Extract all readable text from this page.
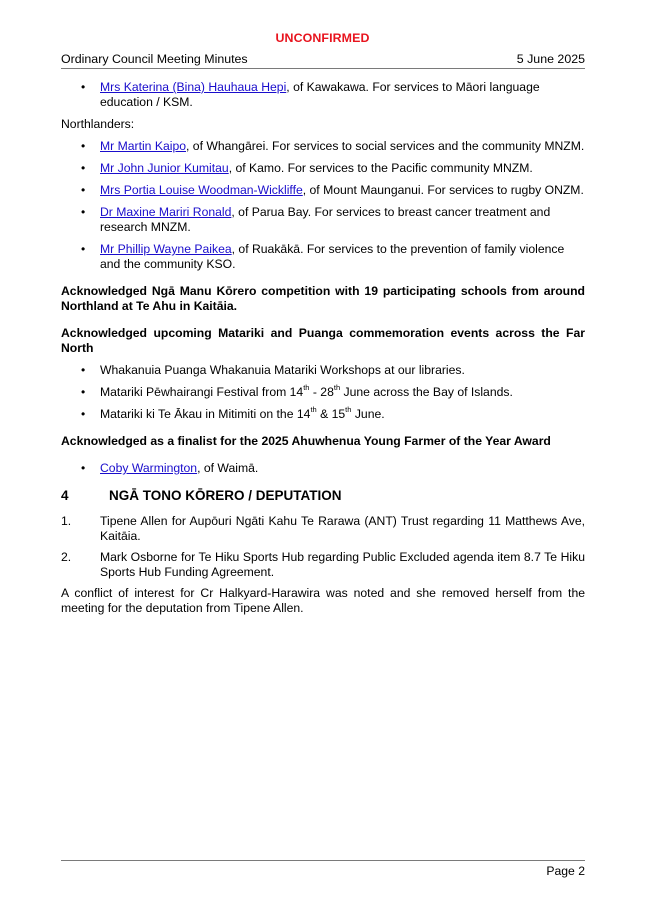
UNCONFIRMED
Ordinary Council Meeting Minutes	5 June 2025
• Mrs Katerina (Bina) Hauhaua Hepi, of Kawakawa. For services to Māori language education / KSM.

Northlanders:

• Mr Martin Kaipo, of Whangārei. For services to social services and the community MNZM.
• Mr John Junior Kumitau, of Kamo. For services to the Pacific community MNZM.
• Mrs Portia Louise Woodman-Wickliffe, of Mount Maunganui. For services to rugby ONZM.
• Dr Maxine Mariri Ronald, of Parua Bay. For services to breast cancer treatment and research MNZM.
• Mr Phillip Wayne Paikea, of Ruakākā. For services to the prevention of family violence and the community KSO.

Acknowledged Ngā Manu Kōrero competition with 19 participating schools from around Northland at Te Ahu in Kaitāia.

Acknowledged upcoming Matariki and Puanga commemoration events across the Far North

• Whakanuia Puanga Whakanuia Matariki Workshops at our libraries.
• Matariki Pēwhairangi Festival from 14th - 28th June across the Bay of Islands.
• Matariki ki Te Ākau in Mitimiti on the 14th & 15th June.

Acknowledged as a finalist for the 2025 Ahuwhenua Young Farmer of the Year Award

• Coby Warmington, of Waimā.
4	NGĀ TONO KŌRERO / DEPUTATION
1.	Tipene Allen for Aupōuri Ngāti Kahu Te Rarawa (ANT) Trust regarding 11 Matthews Ave, Kaitāia.
2.	Mark Osborne for Te Hiku Sports Hub regarding Public Excluded agenda item 8.7 Te Hiku Sports Hub Funding Agreement.

A conflict of interest for Cr Halkyard-Harawira was noted and she removed herself from the meeting for the deputation from Tipene Allen.

Page 2
